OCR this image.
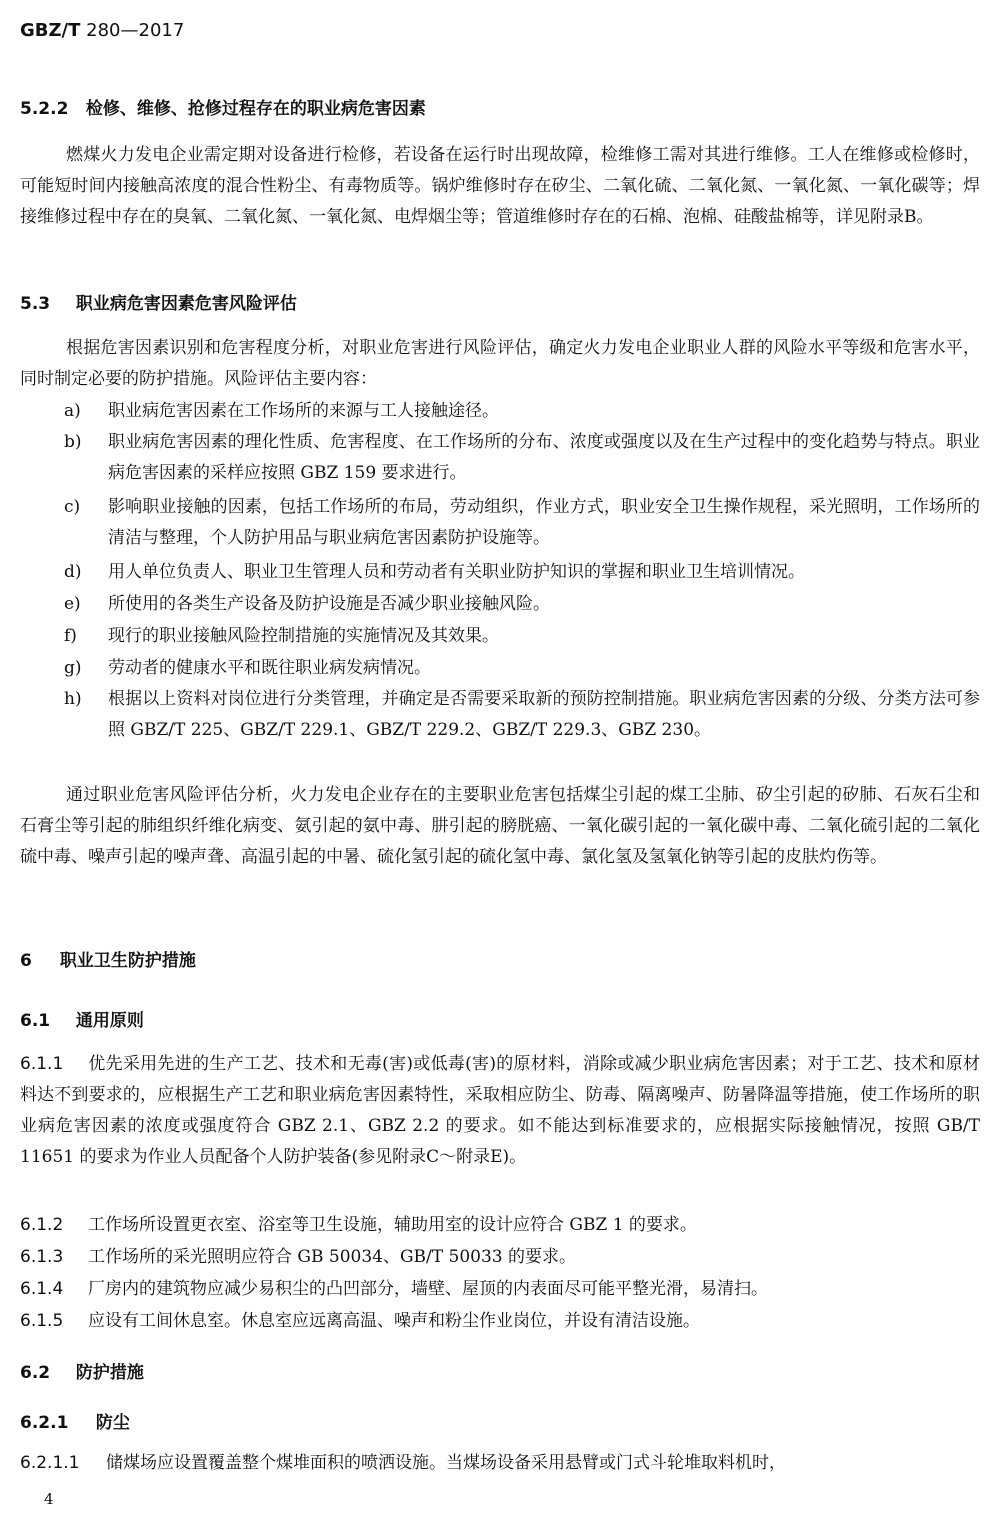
GBZ/T 280—2017
5.2.2 检修、维修、抢修过程存在的职业病危害因素
燃煤火力发电企业需定期对设备进行检修，若设备在运行时出现故障，检维修工需对其进行维修。工人在维修或检修时，可能短时间内接触高浓度的混合性粉尘、有毒物质等。锅炉维修时存在矽尘、二氧化硫、二氧化氮、一氧化氮、一氧化碳等；焊接维修过程中存在的臭氧、二氧化氮、一氧化氮、电焊烟尘等；管道维修时存在的石棉、泡棉、硅酸盐棉等，详见附录B。
5.3 职业病危害因素危害风险评估
根据危害因素识别和危害程度分析，对职业危害进行风险评估，确定火力发电企业职业人群的风险水平等级和危害水平，同时制定必要的防护措施。风险评估主要内容：
a) 职业病危害因素在工作场所的来源与工人接触途径。
b) 职业病危害因素的理化性质、危害程度、在工作场所的分布、浓度或强度以及在生产过程中的变化趋势与特点。职业病危害因素的采样应按照 GBZ 159 要求进行。
c) 影响职业接触的因素，包括工作场所的布局，劳动组织，作业方式，职业安全卫生操作规程，采光照明，工作场所的清洁与整理，个人防护用品与职业病危害因素防护设施等。
d) 用人单位负责人、职业卫生管理人员和劳动者有关职业防护知识的掌握和职业卫生培训情况。
e) 所使用的各类生产设备及防护设施是否减少职业接触风险。
f) 现行的职业接触风险控制措施的实施情况及其效果。
g) 劳动者的健康水平和既往职业病发病情况。
h) 根据以上资料对岗位进行分类管理，并确定是否需要采取新的预防控制措施。职业病危害因素的分级、分类方法可参照 GBZ/T 225、GBZ/T 229.1、GBZ/T 229.2、GBZ/T 229.3、GBZ 230。
通过职业危害风险评估分析，火力发电企业存在的主要职业危害包括煤尘引起的煤工尘肺、矽尘引起的矽肺、石灰石尘和石膏尘等引起的肺组织纤维化病变、氨引起的氨中毒、肼引起的膀胱癌、一氧化碳引起的一氧化碳中毒、二氧化硫引起的二氧化硫中毒、噪声引起的噪声聋、高温引起的中暑、硫化氢引起的硫化氢中毒、氯化氢及氢氧化钠等引起的皮肤灼伤等。
6 职业卫生防护措施
6.1 通用原则
6.1.1 优先采用先进的生产工艺、技术和无毒(害)或低毒(害)的原材料，消除或减少职业病危害因素；对于工艺、技术和原材料达不到要求的，应根据生产工艺和职业病危害因素特性，采取相应防尘、防毒、隔离噪声、防暑降温等措施，使工作场所的职业病危害因素的浓度或强度符合 GBZ 2.1、GBZ 2.2 的要求。如不能达到标准要求的，应根据实际接触情况，按照 GB/T 11651 的要求为作业人员配备个人防护装备(参见附录C～附录E)。
6.1.2 工作场所设置更衣室、浴室等卫生设施，辅助用室的设计应符合 GBZ 1 的要求。
6.1.3 工作场所的采光照明应符合 GB 50034、GB/T 50033 的要求。
6.1.4 厂房内的建筑物应减少易积尘的凸凹部分，墙壁、屋顶的内表面尽可能平整光滑，易清扫。
6.1.5 应设有工间休息室。休息室应远离高温、噪声和粉尘作业岗位，并设有清洁设施。
6.2 防护措施
6.2.1 防尘
6.2.1.1 储煤场应设置覆盖整个煤堆面积的喷洒设施。当煤场设备采用悬臂或门式斗轮堆取料机时，
4
